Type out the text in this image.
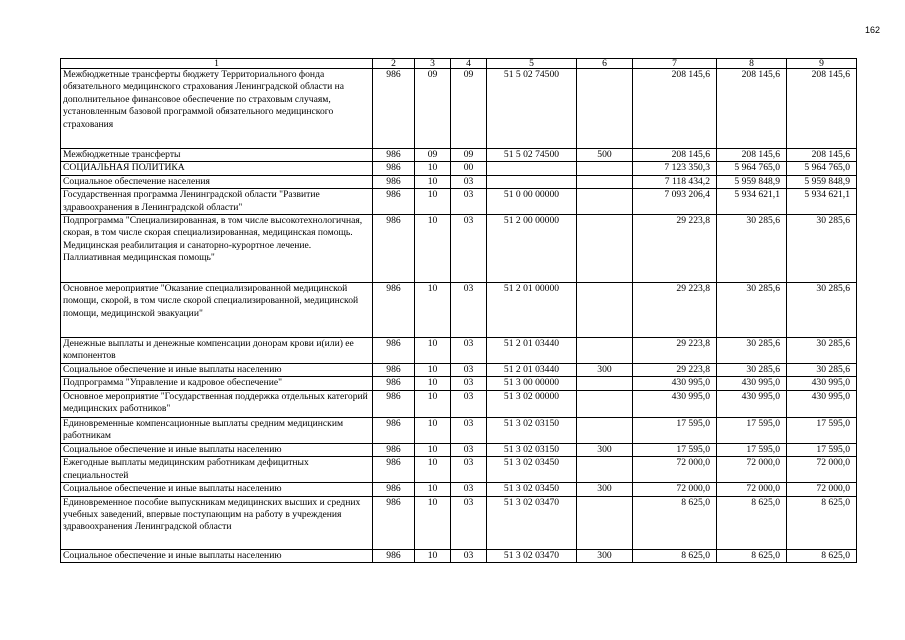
162
1	2	3	4	5	6	7	8	9
Межбюджетные трансферты бюджету Территориального фонда обязательного медицинского страхования Ленинградской области на дополнительное финансовое обеспечение по страховым случаям, установленным базовой программой обязательного медицинского страхования	986	09	09	51 5 02 74500		208 145,6	208 145,6	208 145,6
Межбюджетные трансферты	986	09	09	51 5 02 74500	500	208 145,6	208 145,6	208 145,6
СОЦИАЛЬНАЯ ПОЛИТИКА	986	10	00			7 123 350,3	5 964 765,0	5 964 765,0
Социальное обеспечение населения	986	10	03			7 118 434,2	5 959 848,9	5 959 848,9
Государственная программа Ленинградской области "Развитие здравоохранения в Ленинградской области"	986	10	03	51 0 00 00000		7 093 206,4	5 934 621,1	5 934 621,1
Подпрограмма "Специализированная, в том числе высокотехнологичная, скорая, в том числе скорая специализированная, медицинская помощь. Медицинская реабилитация и санаторно-курортное лечение. Паллиативная медицинская помощь"	986	10	03	51 2 00 00000		29 223,8	30 285,6	30 285,6
Основное мероприятие "Оказание специализированной медицинской помощи, скорой, в том числе скорой специализированной, медицинской помощи, медицинской эвакуации"	986	10	03	51 2 01 00000		29 223,8	30 285,6	30 285,6
Денежные выплаты и денежные компенсации донорам крови и(или) ее компонентов	986	10	03	51 2 01 03440		29 223,8	30 285,6	30 285,6
Социальное обеспечение и иные выплаты населению	986	10	03	51 2 01 03440	300	29 223,8	30 285,6	30 285,6
Подпрограмма "Управление и кадровое обеспечение"	986	10	03	51 3 00 00000		430 995,0	430 995,0	430 995,0
Основное мероприятие "Государственная поддержка отдельных категорий медицинских работников"	986	10	03	51 3 02 00000		430 995,0	430 995,0	430 995,0
Единовременные компенсационные выплаты средним медицинским работникам	986	10	03	51 3 02 03150		17 595,0	17 595,0	17 595,0
Социальное обеспечение и иные выплаты населению	986	10	03	51 3 02 03150	300	17 595,0	17 595,0	17 595,0
Ежегодные выплаты медицинским работникам дефицитных специальностей	986	10	03	51 3 02 03450		72 000,0	72 000,0	72 000,0
Социальное обеспечение и иные выплаты населению	986	10	03	51 3 02 03450	300	72 000,0	72 000,0	72 000,0
Единовременное пособие выпускникам медицинских высших и средних учебных заведений, впервые поступающим на работу в учреждения здравоохранения Ленинградской области	986	10	03	51 3 02 03470		8 625,0	8 625,0	8 625,0
Социальное обеспечение и иные выплаты населению	986	10	03	51 3 02 03470	300	8 625,0	8 625,0	8 625,0
